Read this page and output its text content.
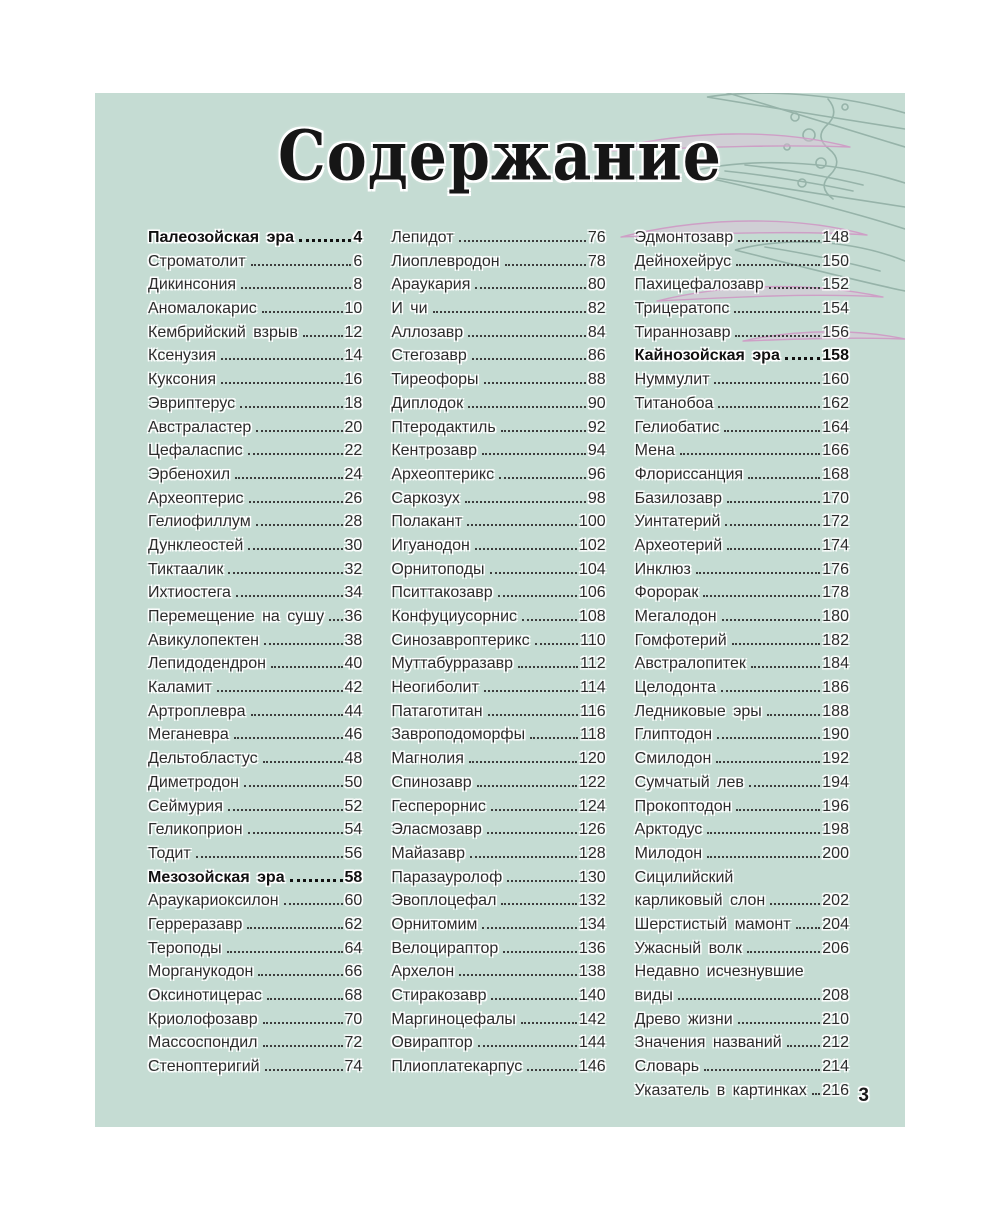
Содержание
Палеозойская эра	4
Строматолит	6
Дикинсония	8
Аномалокарис	10
Кембрийский взрыв	12
Ксенузия	14
Куксония	16
Эвриптерус	18
Австраластер	20
Цефаласпис	22
Эрбенохил	24
Археоптерис	26
Гелиофиллум	28
Дунклеостей	30
Тиктаалик	32
Ихтиостега	34
Перемещение на сушу 36
Авикулопектен	38
Лепидодендрон	40
Каламит	42
Артроплевра	44
Меганевра	46
Дельтобластус	48
Диметродон	50
Сеймурия	52
Геликоприон	54
Тодит	56
Мезозойская эра	58
Араукариоксилон	60
Герреразавр	62
Тероподы	64
Морганукодон	66
Оксинотицерас	68
Криолофозавр	70
Массоспондил	72
Стеноптеригий	74
Лепидот	76
Лиоплевродон	78
Араукария	80
И чи	82
Аллозавр	84
Стегозавр	86
Тиреофоры	88
Диплодок	90
Птеродактиль	92
Кентрозавр	94
Археоптерикс	96
Саркозух	98
Полакант	100
Игуанодон	102
Орнитоподы	104
Пситтакозавр	106
Конфуциусорнис	108
Синозавроптерикс	110
Муттабурразавр	112
Неогиболит	114
Патаготитан	116
Завроподоморфы	118
Магнолия	120
Спинозавр	122
Гесперорнис	124
Эласмозавр	126
Майазавр	128
Паразауролоф	130
Эвоплоцефал	132
Орнитомим	134
Велоцираптор	136
Архелон	138
Стиракозавр	140
Маргиноцефалы	142
Овираптор	144
Плиоплатекарпус	146
Эдмонтозавр	148
Дейнохейрус	150
Пахицефалозавр	152
Трицератопс	154
Тираннозавр	156
Кайнозойская эра	158
Нуммулит	160
Титанобоа	162
Гелиобатис	164
Мена	166
Флориссанция	168
Базилозавр	170
Уинтатерий	172
Археотерий	174
Инклюз	176
Форорак	178
Мегалодон	180
Гомфотерий	182
Австралопитек	184
Целодонта	186
Ледниковые эры	188
Глиптодон	190
Смилодон	192
Сумчатый лев	194
Прокоптодон	196
Арктодус	198
Милодон	200
Сицилийский
карликовый слон	202
Шерстистый мамонт 204
Ужасный волк	206
Недавно исчезнувшие
виды	208
Древо жизни	210
Значения названий	212
Словарь	214
Указатель в картинках 216 3
